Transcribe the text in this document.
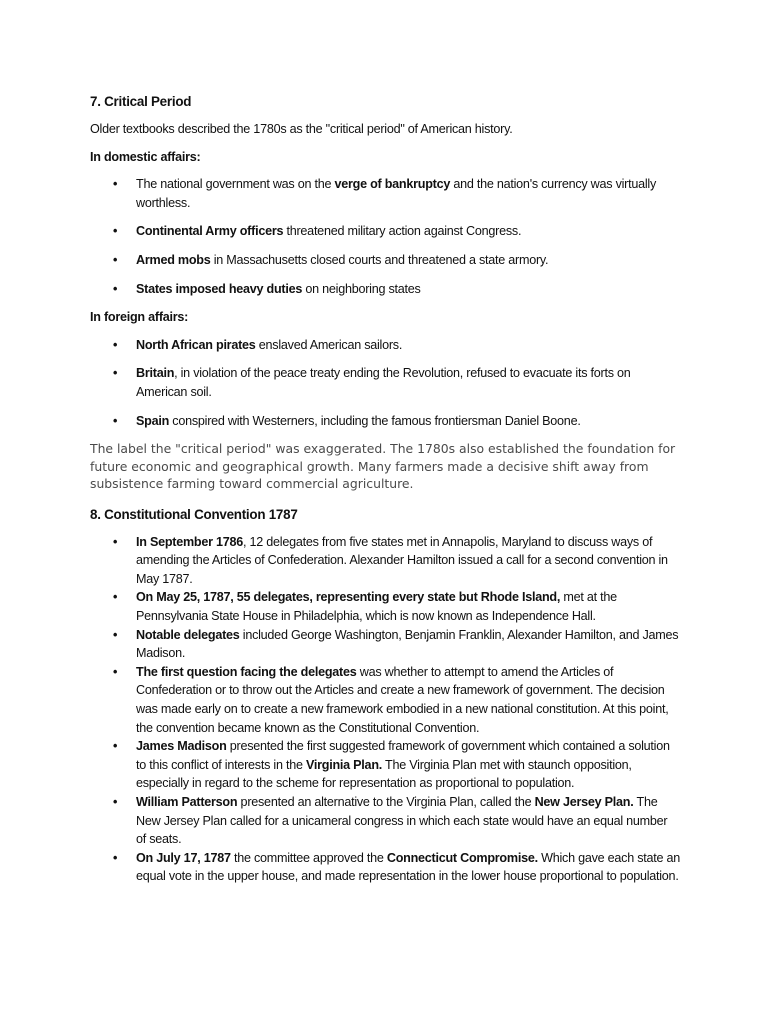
7. Critical Period

Older textbooks described the 1780s as the "critical period" of American history.

In domestic affairs:
• The national government was on the verge of bankruptcy and the nation's currency was virtually worthless.
• Continental Army officers threatened military action against Congress.
• Armed mobs in Massachusetts closed courts and threatened a state armory.
• States imposed heavy duties on neighboring states
In foreign affairs:
• North African pirates enslaved American sailors.
• Britain, in violation of the peace treaty ending the Revolution, refused to evacuate its forts on American soil.
• Spain conspired with Westerners, including the famous frontiersman Daniel Boone.
The label the "critical period" was exaggerated. The 1780s also established the foundation for future economic and geographical growth. Many farmers made a decisive shift away from subsistence farming toward commercial agriculture.
8. Constitutional Convention 1787
• In September 1786, 12 delegates from five states met in Annapolis, Maryland to discuss ways of amending the Articles of Confederation. Alexander Hamilton issued a call for a second convention in May 1787.
• On May 25, 1787, 55 delegates, representing every state but Rhode Island, met at the Pennsylvania State House in Philadelphia, which is now known as Independence Hall.
• Notable delegates included George Washington, Benjamin Franklin, Alexander Hamilton, and James Madison.
• The first question facing the delegates was whether to attempt to amend the Articles of Confederation or to throw out the Articles and create a new framework of government. The decision was made early on to create a new framework embodied in a new national constitution. At this point, the convention became known as the Constitutional Convention.
• James Madison presented the first suggested framework of government which contained a solution to this conflict of interests in the Virginia Plan. The Virginia Plan met with staunch opposition, especially in regard to the scheme for representation as proportional to population.
• William Patterson presented an alternative to the Virginia Plan, called the New Jersey Plan. The New Jersey Plan called for a unicameral congress in which each state would have an equal number of seats.
• On July 17, 1787 the committee approved the Connecticut Compromise. Which gave each state an equal vote in the upper house, and made representation in the lower house proportional to population.
